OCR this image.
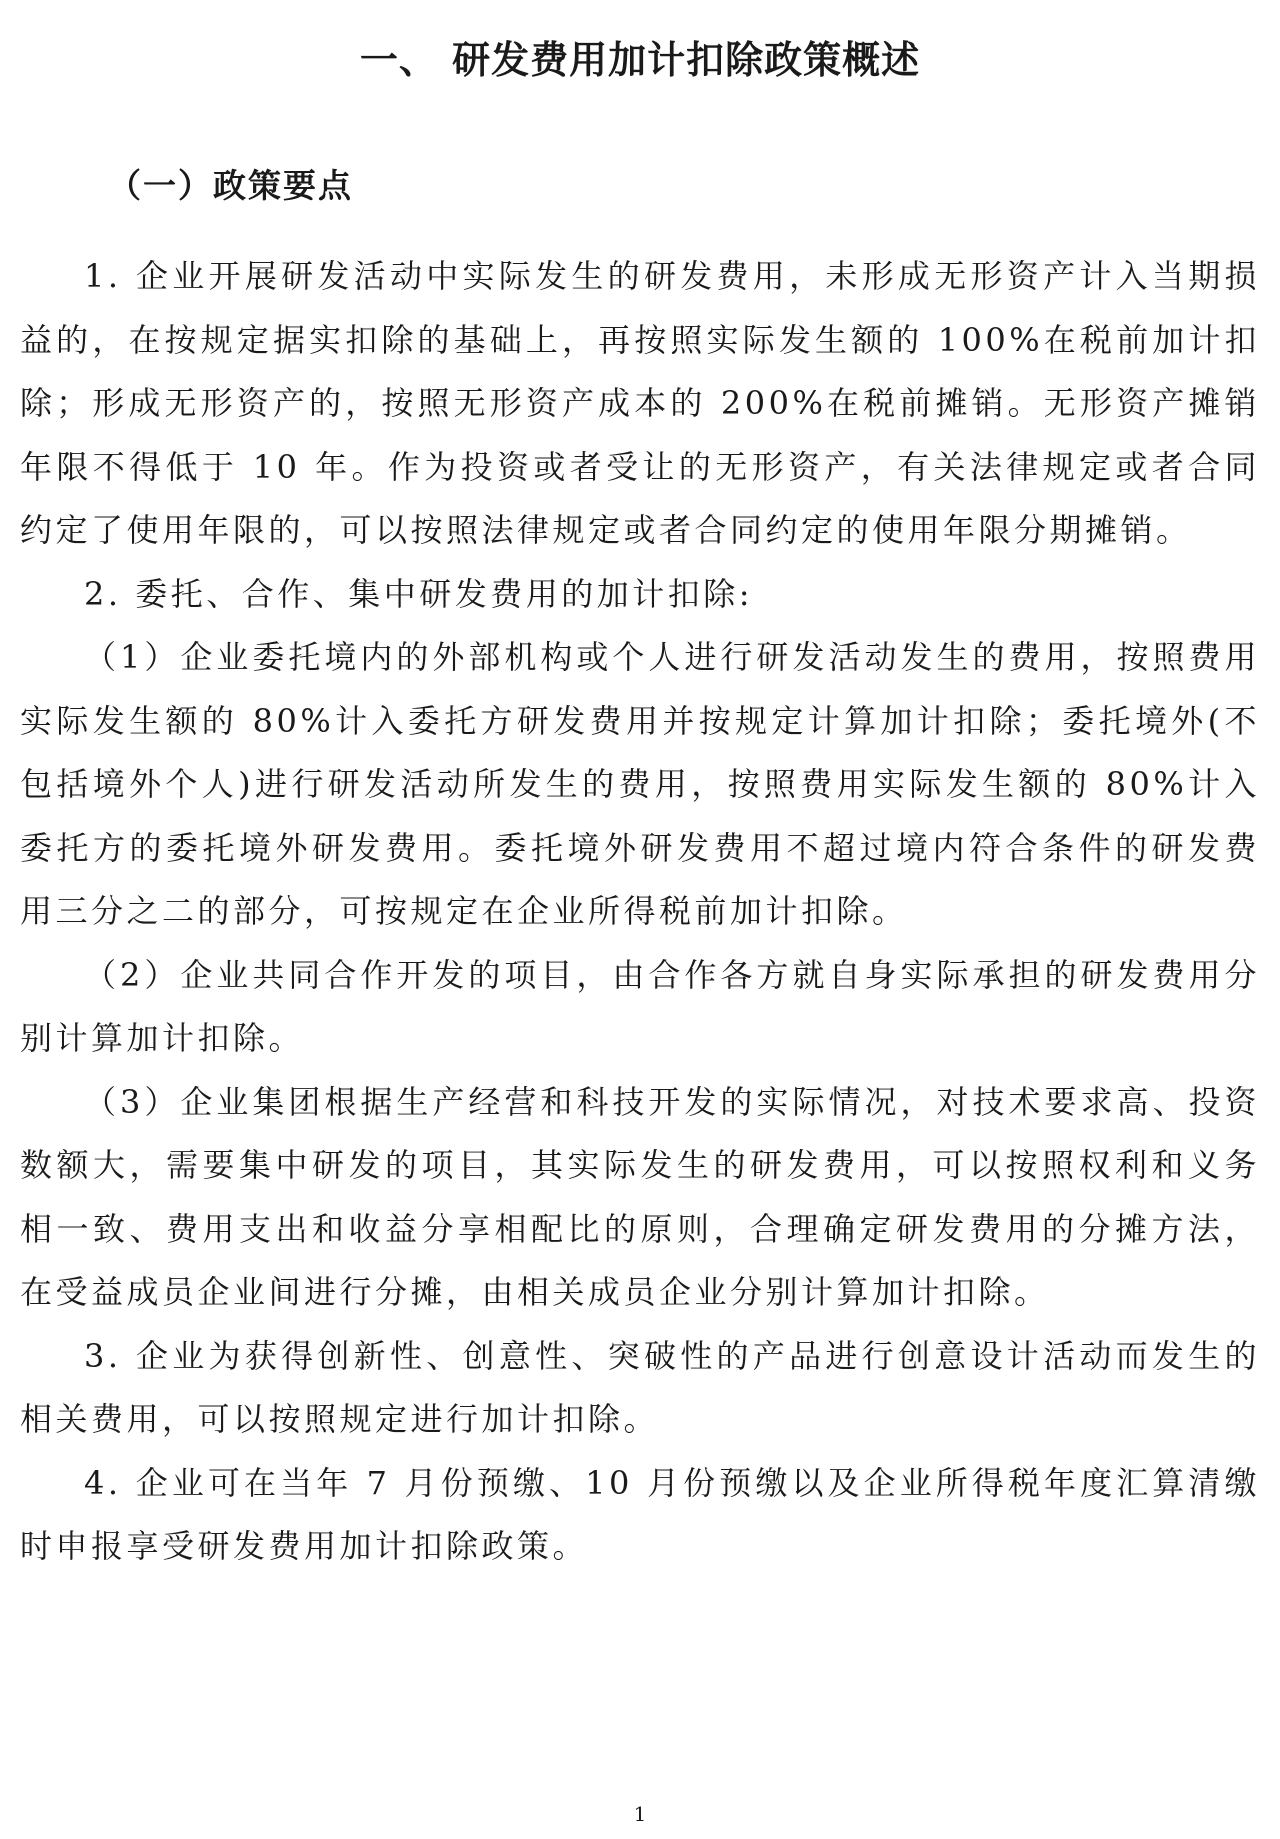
一、 研发费用加计扣除政策概述
（一）政策要点

1. 企业开展研发活动中实际发生的研发费用，未形成无形资产计入当期损益的，在按规定据实扣除的基础上，再按照实际发生额的 100%在税前加计扣除；形成无形资产的，按照无形资产成本的 200%在税前摊销。无形资产摊销年限不得低于 10 年。作为投资或者受让的无形资产，有关法律规定或者合同约定了使用年限的，可以按照法律规定或者合同约定的使用年限分期摊销。

2. 委托、合作、集中研发费用的加计扣除:

（1）企业委托境内的外部机构或个人进行研发活动发生的费用，按照费用实际发生额的 80%计入委托方研发费用并按规定计算加计扣除；委托境外(不包括境外个人)进行研发活动所发生的费用，按照费用实际发生额的 80%计入委托方的委托境外研发费用。委托境外研发费用不超过境内符合条件的研发费用三分之二的部分，可按规定在企业所得税前加计扣除。

（2）企业共同合作开发的项目，由合作各方就自身实际承担的研发费用分别计算加计扣除。

（3）企业集团根据生产经营和科技开发的实际情况，对技术要求高、投资数额大，需要集中研发的项目，其实际发生的研发费用，可以按照权利和义务相一致、费用支出和收益分享相配比的原则，合理确定研发费用的分摊方法，在受益成员企业间进行分摊，由相关成员企业分别计算加计扣除。

3. 企业为获得创新性、创意性、突破性的产品进行创意设计活动而发生的相关费用，可以按照规定进行加计扣除。

4. 企业可在当年 7 月份预缴、10 月份预缴以及企业所得税年度汇算清缴时申报享受研发费用加计扣除政策。

1
